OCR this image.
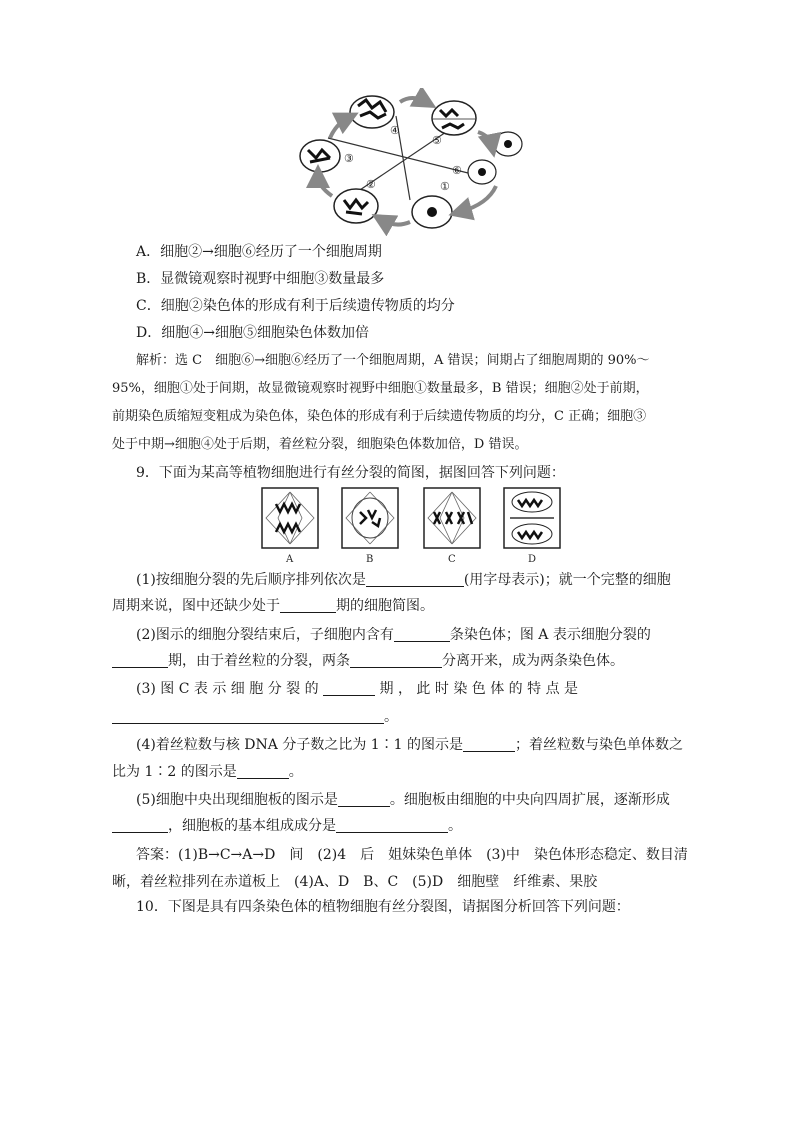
④
⑤
③
⑥
②	①
A．细胞②→细胞⑥经历了一个细胞周期
B．显微镜观察时视野中细胞③数量最多
C．细胞②染色体的形成有利于后续遗传物质的均分
D．细胞④→细胞⑤细胞染色体数加倍
解析：选 C　细胞⑥→细胞⑥经历了一个细胞周期，A 错误；间期占了细胞周期的 90%～
95%，细胞①处于间期，故显微镜观察时视野中细胞①数量最多，B 错误；细胞②处于前期，
前期染色质缩短变粗成为染色体，染色体的形成有利于后续遗传物质的均分，C 正确；细胞③
处于中期→细胞④处于后期，着丝粒分裂，细胞染色体数加倍，D 错误。
9．下面为某高等植物细胞进行有丝分裂的简图，据图回答下列问题：
A	B	C	D
(1)按细胞分裂的先后顺序排列依次是	(用字母表示)；就一个完整的细胞
周期来说，图中还缺少处于	期的细胞简图。
(2)图示的细胞分裂结束后，子细胞内含有	条染色体；图 A 表示细胞分裂的
期，由于着丝粒的分裂，两条	分离开来，成为两条染色体。
(3) 图 C 表 示 细 胞 分 裂 的	期 ， 此 时 染 色 体 的 特 点 是
。
(4)着丝粒数与核 DNA 分子数之比为 1∶1 的图示是	；着丝粒数与染色单体数之
比为 1∶2 的图示是	。
(5)细胞中央出现细胞板的图示是	。细胞板由细胞的中央向四周扩展，逐渐形成
，细胞板的基本组成成分是	。
答案：(1)B→C→A→D　间　(2)4　后　姐妹染色单体　(3)中　染色体形态稳定、数目清
晰，着丝粒排列在赤道板上　(4)A、D　B、C　(5)D　细胞壁　纤维素、果胶
10．下图是具有四条染色体的植物细胞有丝分裂图，请据图分析回答下列问题：
